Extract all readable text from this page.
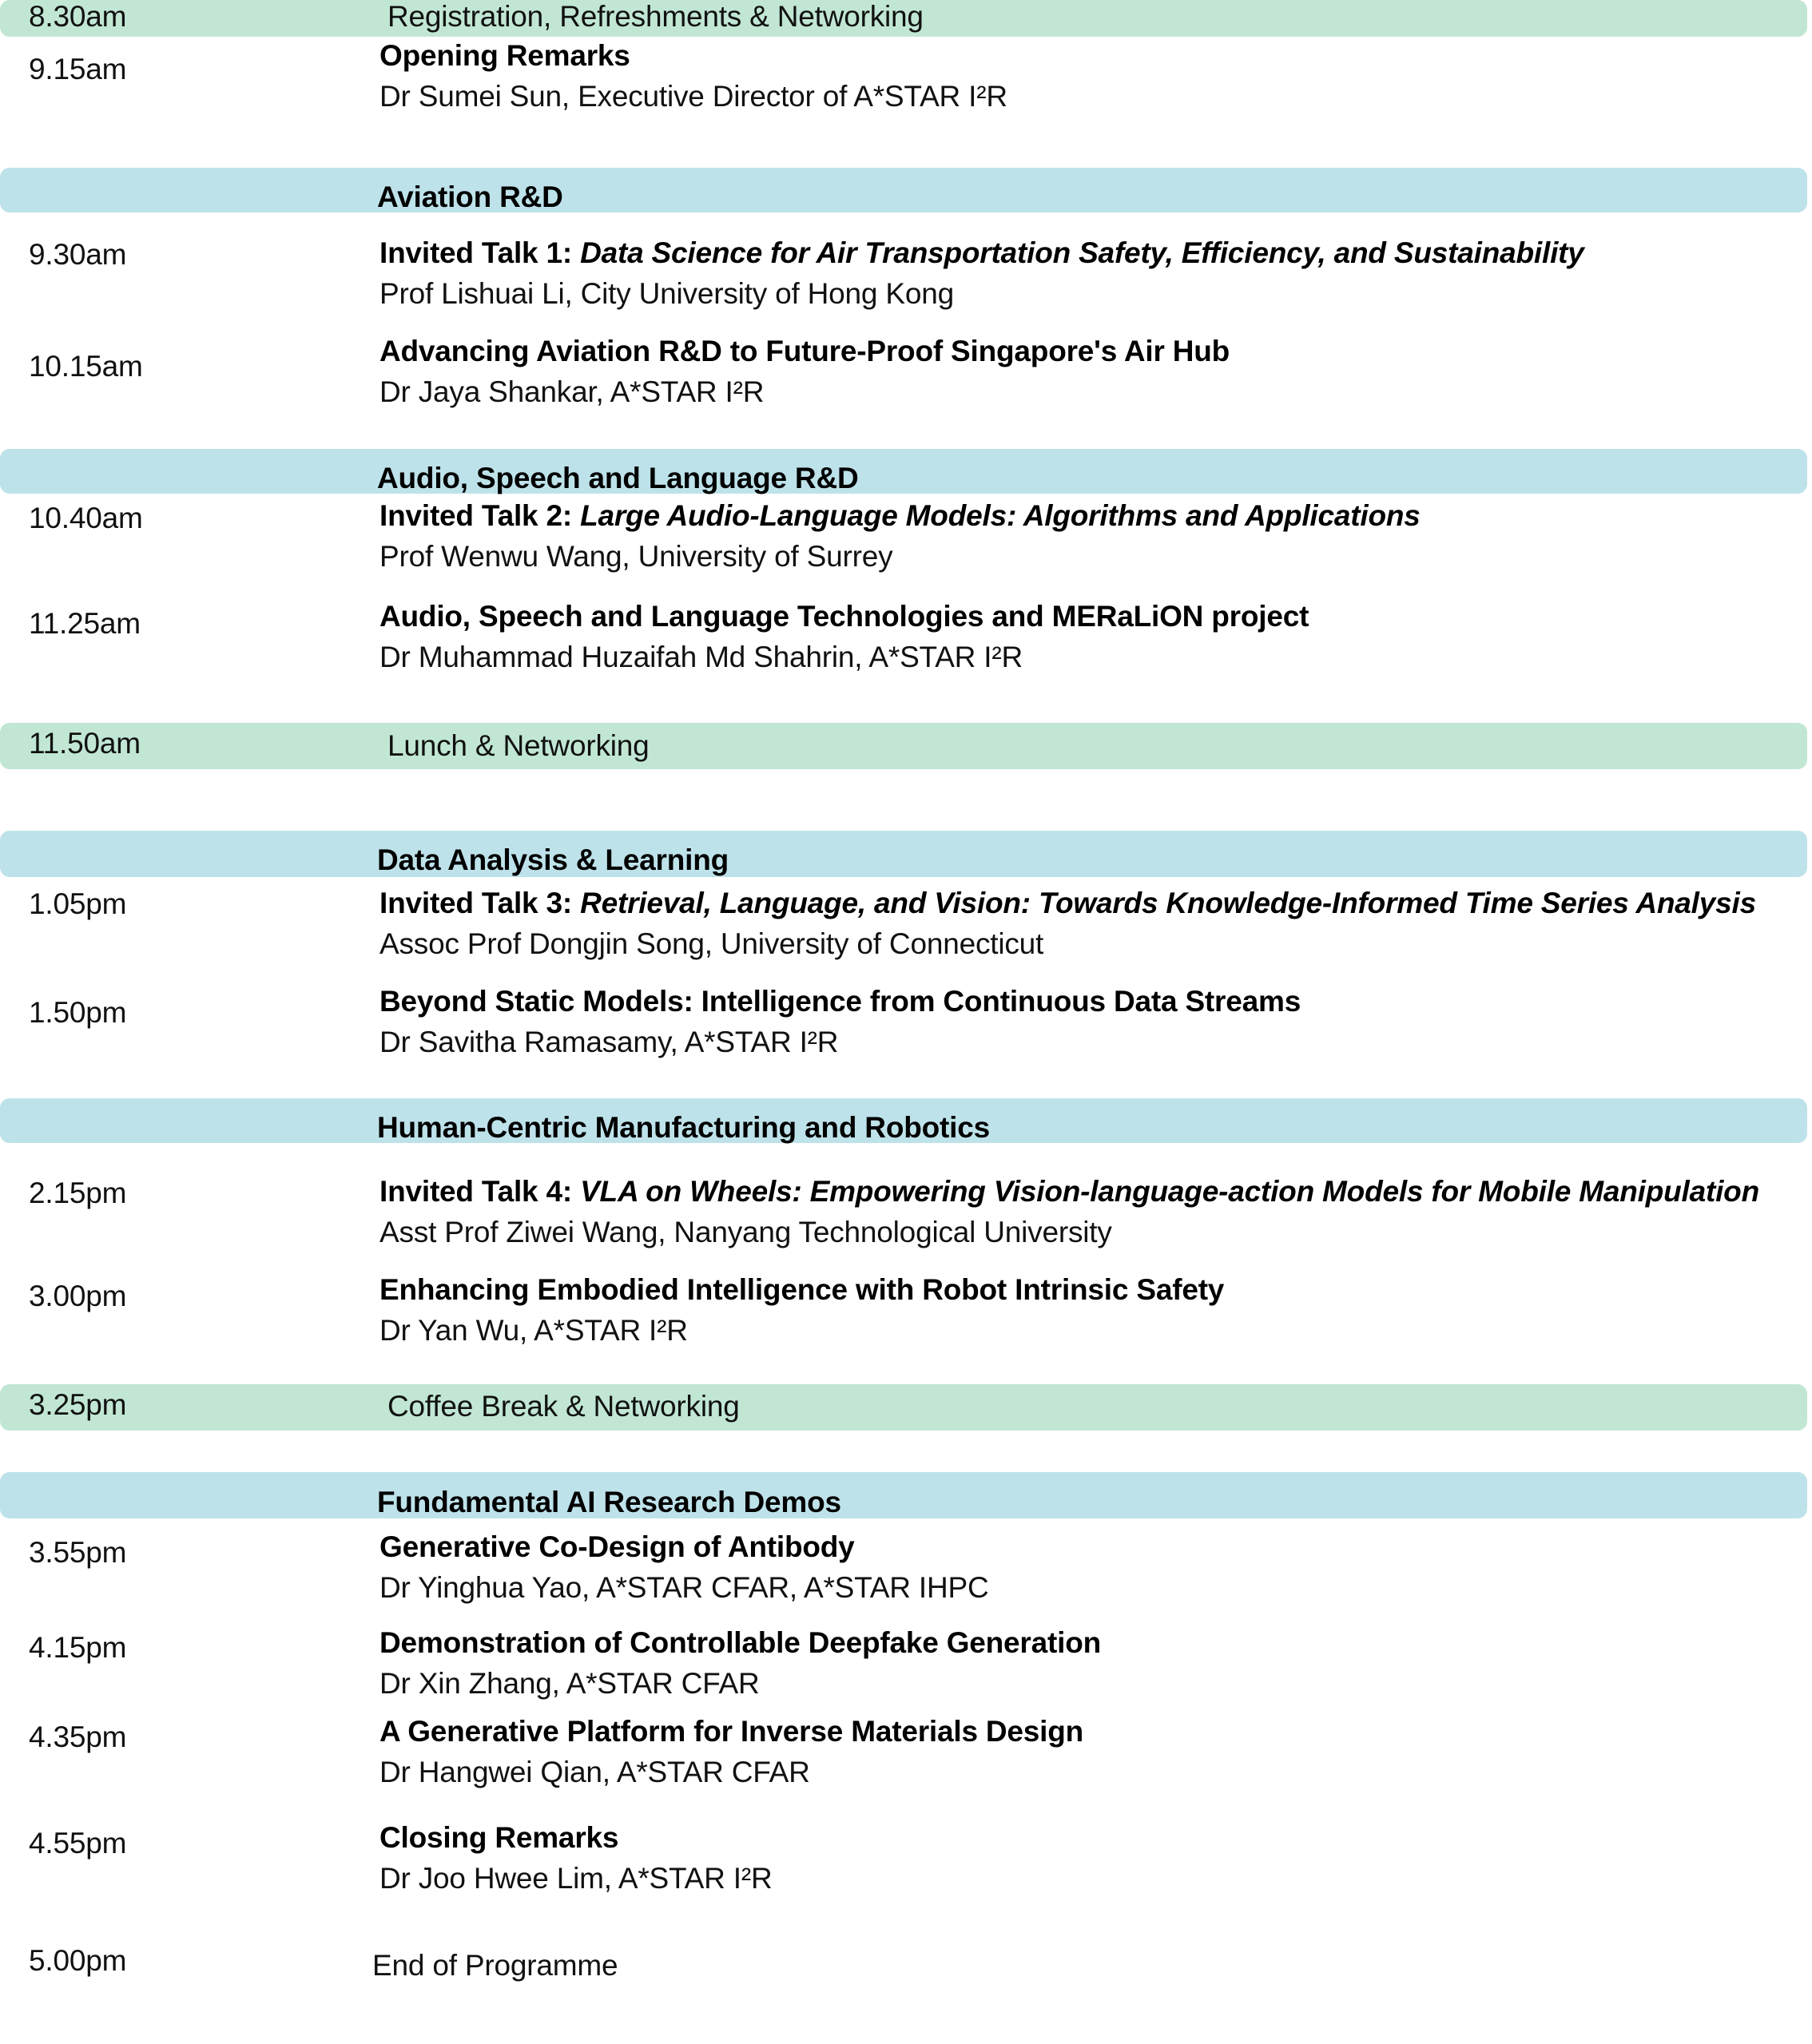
8.30am	Registration, Refreshments & Networking
9.15am	Opening Remarks
Dr Sumei Sun, Executive Director of A*STAR I²R
Aviation R&D
9.30am	Invited Talk 1: Data Science for Air Transportation Safety, Efficiency, and Sustainability
Prof Lishuai Li, City University of Hong Kong
10.15am	Advancing Aviation R&D to Future-Proof Singapore's Air Hub
Dr Jaya Shankar, A*STAR I²R
Audio, Speech and Language R&D
10.40am	Invited Talk 2: Large Audio-Language Models: Algorithms and Applications
Prof Wenwu Wang, University of Surrey
11.25am	Audio, Speech and Language Technologies and MERaLiON project
Dr Muhammad Huzaifah Md Shahrin, A*STAR I²R
11.50am	Lunch & Networking
Data Analysis & Learning
1.05pm	Invited Talk 3: Retrieval, Language, and Vision: Towards Knowledge-Informed Time Series Analysis
Assoc Prof Dongjin Song, University of Connecticut
1.50pm	Beyond Static Models: Intelligence from Continuous Data Streams
Dr Savitha Ramasamy, A*STAR I²R
Human-Centric Manufacturing and Robotics
2.15pm	Invited Talk 4: VLA on Wheels: Empowering Vision-language-action Models for Mobile Manipulation
Asst Prof Ziwei Wang, Nanyang Technological University
3.00pm	Enhancing Embodied Intelligence with Robot Intrinsic Safety
Dr Yan Wu, A*STAR I²R
3.25pm	Coffee Break & Networking
Fundamental AI Research Demos
3.55pm	Generative Co-Design of Antibody
Dr Yinghua Yao, A*STAR CFAR, A*STAR IHPC
4.15pm	Demonstration of Controllable Deepfake Generation
Dr Xin Zhang, A*STAR CFAR
4.35pm	A Generative Platform for Inverse Materials Design
Dr Hangwei Qian, A*STAR CFAR
4.55pm	Closing Remarks
Dr Joo Hwee Lim, A*STAR I²R
5.00pm	End of Programme
